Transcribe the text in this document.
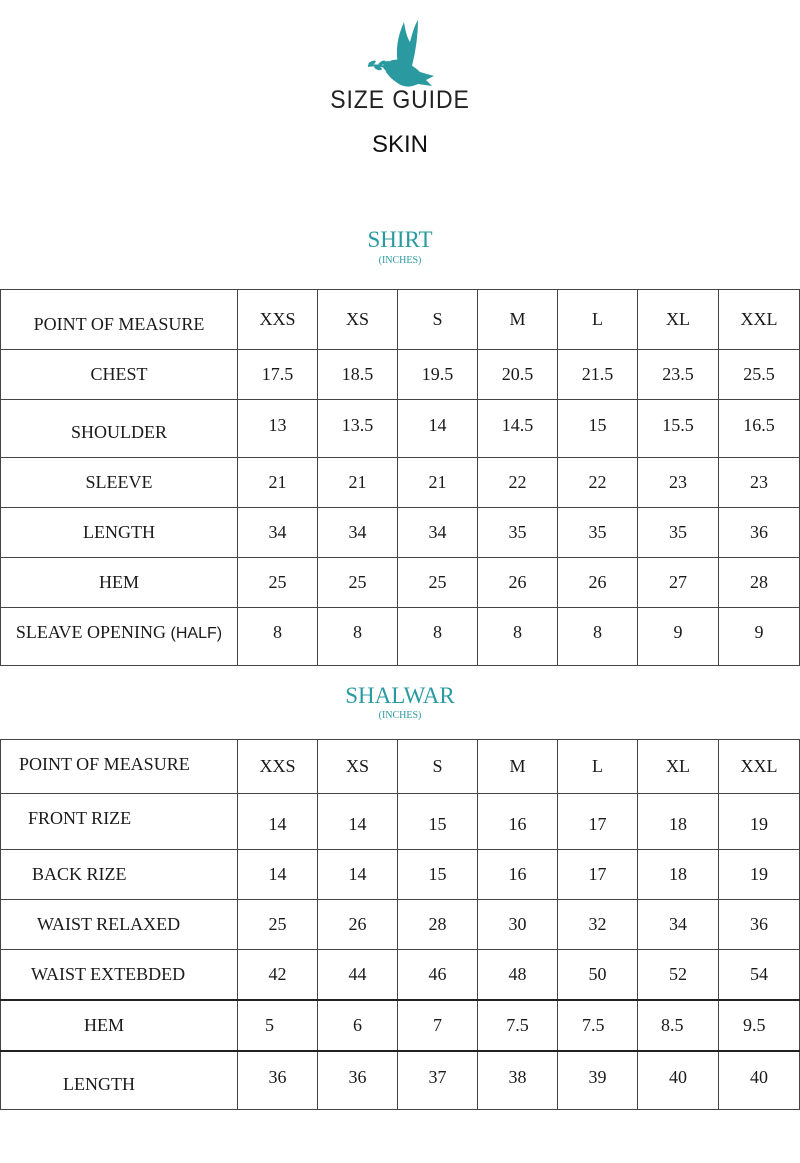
SIZE GUIDE
SKIN
SHIRT
(INCHES)
POINT OF MEASURE	XXS	XS	S	M	L	XL	XXL
CHEST	17.5	18.5	19.5	20.5	21.5	23.5	25.5
SHOULDER	13	13.5	14	14.5	15	15.5	16.5
SLEEVE	21	21	21	22	22	23	23
LENGTH	34	34	34	35	35	35	36
HEM	25	25	25	26	26	27	28
SLEAVE OPENING (HALF)	8	8	8	8	8	9	9
SHALWAR
(INCHES)
POINT OF MEASURE	XXS	XS	S	M	L	XL	XXL
FRONT RIZE	14	14	15	16	17	18	19
BACK RIZE	14	14	15	16	17	18	19
WAIST RELAXED	25	26	28	30	32	34	36
WAIST EXTEBDED	42	44	46	48	50	52	54
HEM	5	6	7	7.5	7.5	8.5	9.5
LENGTH	36	36	37	38	39	40	40
